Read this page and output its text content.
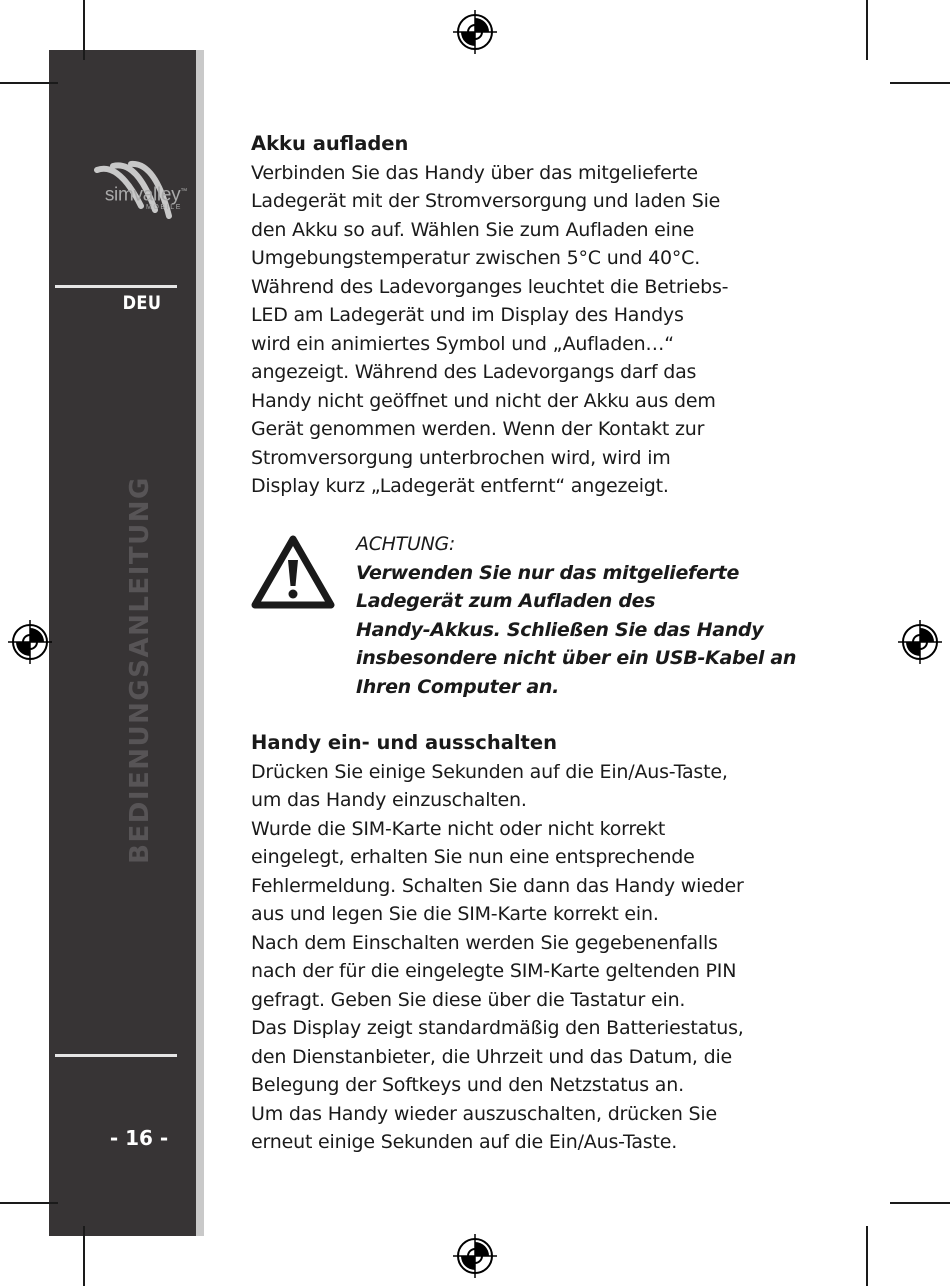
simvalley™
MOBILE
DEU
BEDIENUNGSANLEITUNG
- 16 -

Akku aufladen

Verbinden Sie das Handy über das mitgelieferte
Ladegerät mit der Stromversorgung und laden Sie
den Akku so auf. Wählen Sie zum Aufladen eine
Umgebungstemperatur zwischen 5°C und 40°C.
Während des Ladevorganges leuchtet die Betriebs-
LED am Ladegerät und im Display des Handys
wird ein animiertes Symbol und „Aufladen…“
angezeigt. Während des Ladevorgangs darf das
Handy nicht geöffnet und nicht der Akku aus dem
Gerät genommen werden. Wenn der Kontakt zur
Stromversorgung unterbrochen wird, wird im
Display kurz „Ladegerät entfernt“ angezeigt.
ACHTUNG:
Verwenden Sie nur das mitgelieferte
Ladegerät zum Aufladen des
Handy-Akkus. Schließen Sie das Handy
insbesondere nicht über ein USB-Kabel an
Ihren Computer an.

Handy ein- und ausschalten

Drücken Sie einige Sekunden auf die Ein/Aus-Taste,
um das Handy einzuschalten.
Wurde die SIM-Karte nicht oder nicht korrekt
eingelegt, erhalten Sie nun eine entsprechende
Fehlermeldung. Schalten Sie dann das Handy wieder
aus und legen Sie die SIM-Karte korrekt ein.
Nach dem Einschalten werden Sie gegebenenfalls
nach der für die eingelegte SIM-Karte geltenden PIN
gefragt. Geben Sie diese über die Tastatur ein.
Das Display zeigt standardmäßig den Batteriestatus,
den Dienstanbieter, die Uhrzeit und das Datum, die
Belegung der Softkeys und den Netzstatus an.
Um das Handy wieder auszuschalten, drücken Sie
erneut einige Sekunden auf die Ein/Aus-Taste.
